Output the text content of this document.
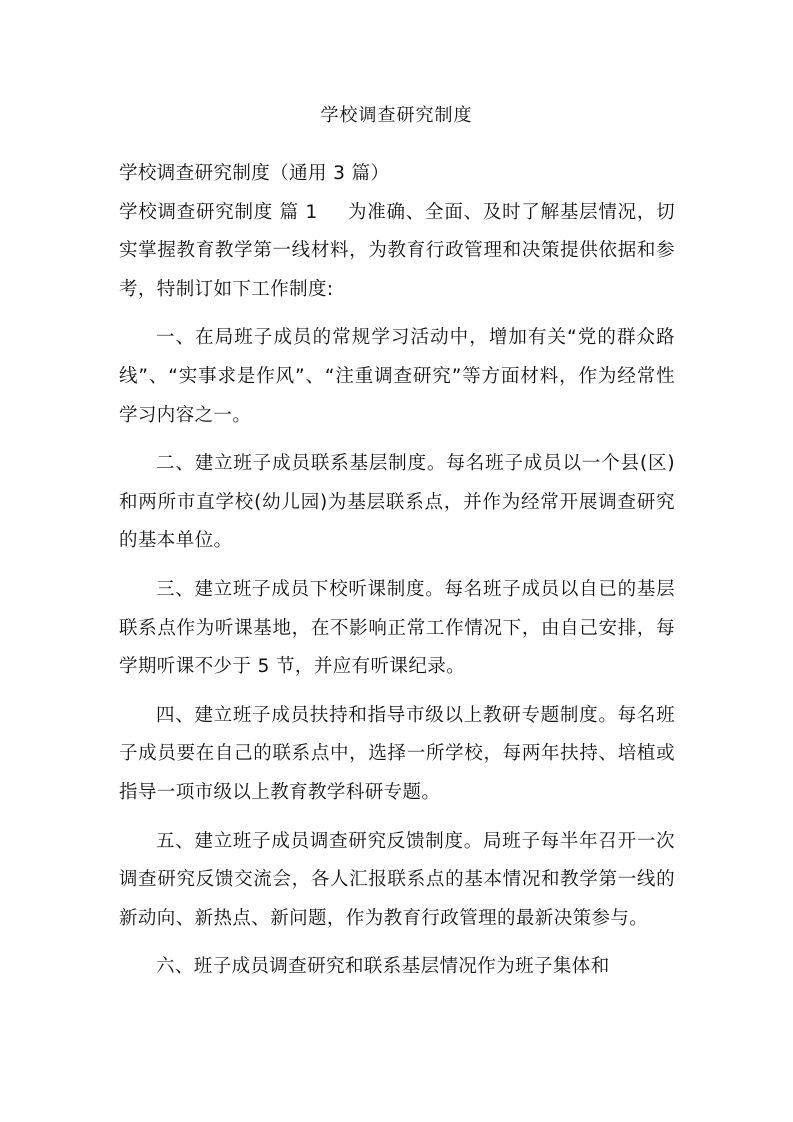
学校调查研究制度

学校调查研究制度（通用 3 篇）

学校调查研究制度 篇 1 为准确、全面、及时了解基层情况，切实掌握教育教学第一线材料，为教育行政管理和决策提供依据和参考，特制订如下工作制度:

一、在局班子成员的常规学习活动中，增加有关“党的群众路线”、“实事求是作风”、“注重调查研究”等方面材料，作为经常性学习内容之一。

二、建立班子成员联系基层制度。每名班子成员以一个县(区)和两所市直学校(幼儿园)为基层联系点，并作为经常开展调查研究的基本单位。

三、建立班子成员下校听课制度。每名班子成员以自已的基层联系点作为听课基地，在不影响正常工作情况下，由自己安排，每学期听课不少于 5 节，并应有听课纪录。

四、建立班子成员扶持和指导市级以上教研专题制度。每名班子成员要在自己的联系点中，选择一所学校，每两年扶持、培植或指导一项市级以上教育教学科研专题。

五、建立班子成员调查研究反馈制度。局班子每半年召开一次调查研究反馈交流会，各人汇报联系点的基本情况和教学第一线的新动向、新热点、新问题，作为教育行政管理的最新决策参与。

六、班子成员调查研究和联系基层情况作为班子集体和
